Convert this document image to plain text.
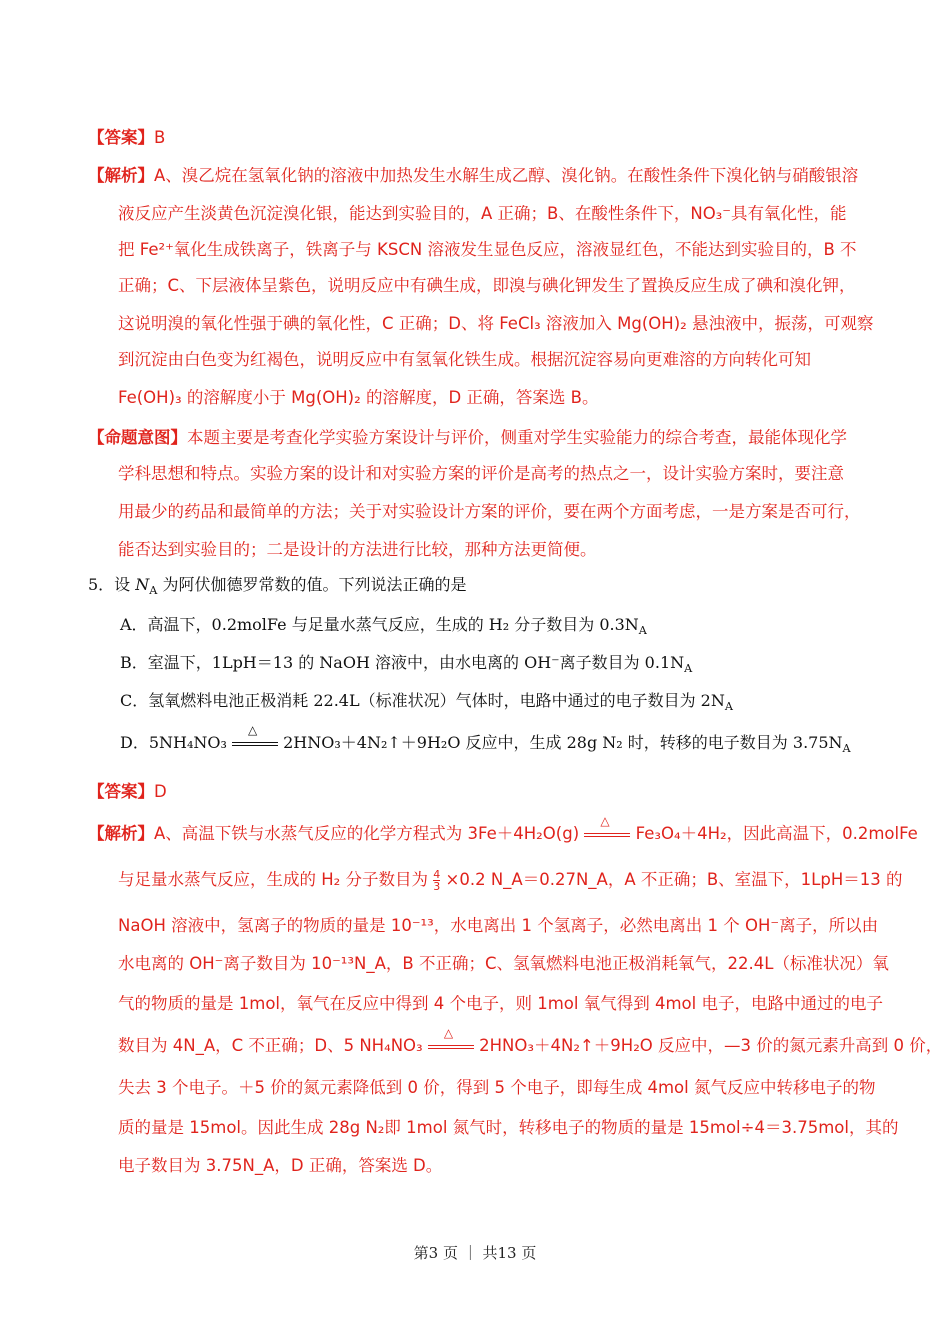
【答案】B
【解析】A、溴乙烷在氢氧化钠的溶液中加热发生水解生成乙醇、溴化钠。在酸性条件下溴化钠与硝酸银溶
液反应产生淡黄色沉淀溴化银，能达到实验目的，A 正确；B、在酸性条件下，NO₃⁻具有氧化性，能
把 Fe²⁺氧化生成铁离子，铁离子与 KSCN 溶液发生显色反应，溶液显红色，不能达到实验目的，B 不
正确；C、下层液体呈紫色，说明反应中有碘生成，即溴与碘化钾发生了置换反应生成了碘和溴化钾，
这说明溴的氧化性强于碘的氧化性，C 正确；D、将 FeCl₃ 溶液加入 Mg(OH)₂ 悬浊液中，振荡，可观察
到沉淀由白色变为红褐色，说明反应中有氢氧化铁生成。根据沉淀容易向更难溶的方向转化可知
Fe(OH)₃ 的溶解度小于 Mg(OH)₂ 的溶解度，D 正确，答案选 B。
【命题意图】本题主要是考查化学实验方案设计与评价，侧重对学生实验能力的综合考查，最能体现化学
学科思想和特点。实验方案的设计和对实验方案的评价是高考的热点之一，设计实验方案时，要注意
用最少的药品和最简单的方法；关于对实验设计方案的评价，要在两个方面考虑，一是方案是否可行，
能否达到实验目的；二是设计的方法进行比较，那种方法更简便。
5．设 $N_A$ 为阿伏伽德罗常数的值。下列说法正确的是
A．高温下，0.2molFe 与足量水蒸气反应，生成的 H₂ 分子数目为 $0.3N_A$
B．室温下，1LpH＝13 的 NaOH 溶液中，由水电离的 OH⁻离子数目为 $0.1N_A$
C．氢氧燃料电池正极消耗 22.4L（标准状况）气体时，电路中通过的电子数目为 $2N_A$
D．5NH₄NO₃
△
2HNO₃＋4N₂↑＋9H₂O 反应中，生成 28g N₂ 时，转移的电子数目为 $3.75N_A$
【答案】D
【解析】A、高温下铁与水蒸气反应的化学方程式为 3Fe＋4H₂O(g)
△
Fe₃O₄＋4H₂，因此高温下，0.2molFe
与足量水蒸气反应，生成的 H₂ 分子数目为 $\frac{4}{3} \times 0.2$ N_A＝0.27N_A，A 不正确；B、室温下，1LpH＝13 的
NaOH 溶液中，氢离子的物质的量是 10⁻¹³，水电离出 1 个氢离子，必然电离出 1 个 OH⁻离子，所以由
水电离的 OH⁻离子数目为 10⁻¹³N_A，B 不正确；C、氢氧燃料电池正极消耗氧气，22.4L（标准状况）氧
气的物质的量是 1mol，氧气在反应中得到 4 个电子，则 1mol 氧气得到 4mol 电子，电路中通过的电子
数目为 4N_A，C 不正确；D、5 NH₄NO₃
△
2HNO₃＋4N₂↑＋9H₂O 反应中，—3 价的氮元素升高到 0 价，
失去 3 个电子。＋5 价的氮元素降低到 0 价，得到 5 个电子，即每生成 4mol 氮气反应中转移电子的物
质的量是 15mol。因此生成 28g N₂即 1mol 氮气时，转移电子的物质的量是 15mol÷4＝3.75mol，其的
电子数目为 3.75N_A，D 正确，答案选 D。
第3 页 ｜ 共13 页
